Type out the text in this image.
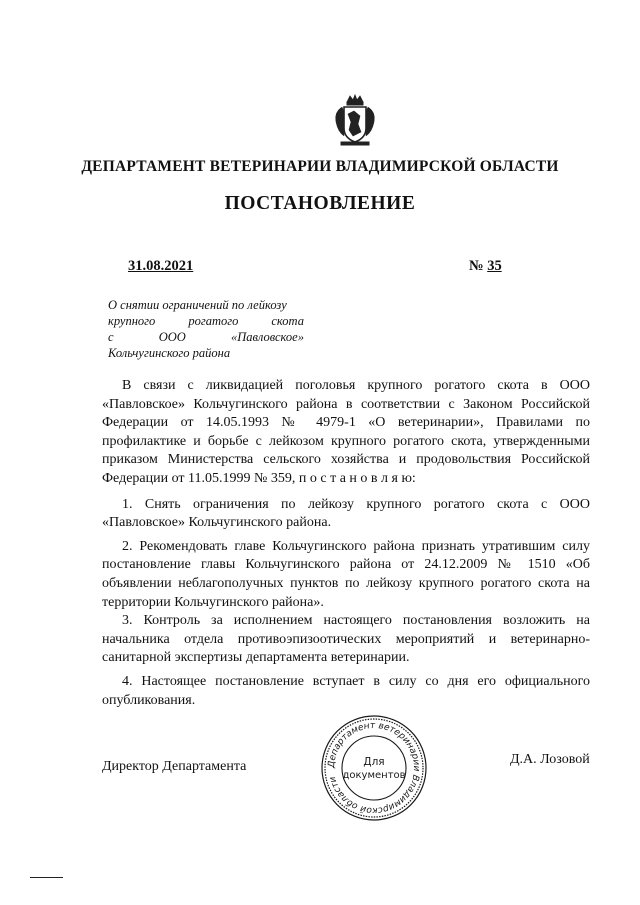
ДЕПАРТАМЕНТ ВЕТЕРИНАРИИ ВЛАДИМИРСКОЙ ОБЛАСТИ
ПОСТАНОВЛЕНИЕ
31.08.2021	№ 35
О снятии ограничений по лейкозу
крупного	рогатого	скота
с	ООО	«Павловское»
Кольчугинского района

В связи с ликвидацией поголовья крупного рогатого скота в ООО «Павловское» Кольчугинского района в соответствии с Законом Российской Федерации от 14.05.1993 № 4979-1 «О ветеринарии», Правилами по профилактике и борьбе с лейкозом крупного рогатого скота, утвержденными приказом Министерства сельского хозяйства и продовольствия Российской Федерации от 11.05.1999 № 359, п о с т а н о в л я ю:

1. Снять ограничения по лейкозу крупного рогатого скота с ООО «Павловское» Кольчугинского района.

2. Рекомендовать главе Кольчугинского района признать утратившим силу постановление главы Кольчугинского района от 24.12.2009 № 1510 «Об объявлении неблагополучных пунктов по лейкозу крупного рогатого скота на территории Кольчугинского района».

3. Контроль за исполнением настоящего постановления возложить на начальника отдела противоэпизоотических мероприятий и ветеринарно-санитарной экспертизы департамента ветеринарии.

4. Настоящее постановление вступает в силу со дня его официального опубликования.

Директор Департамента	Д.А. Лозовой
Департамент ветеринарии Владимирской области
Для
документов
